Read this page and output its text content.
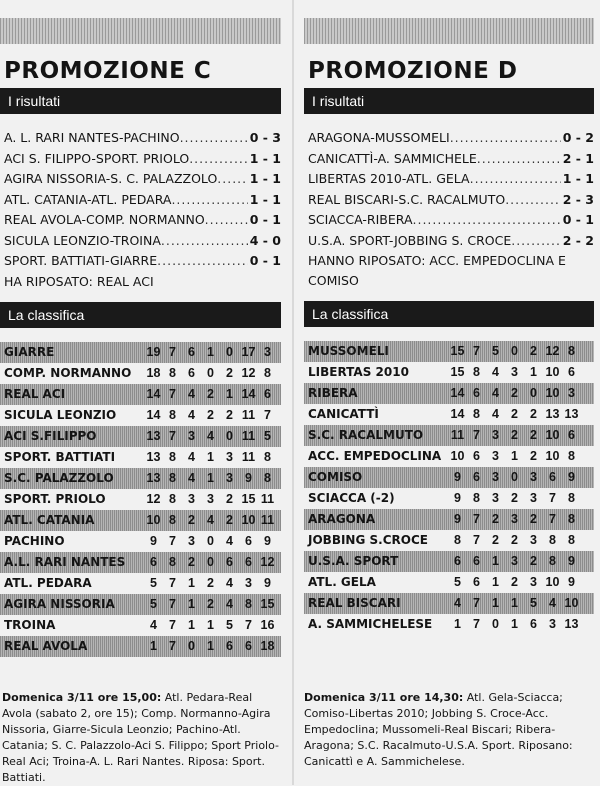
PROMOZIONE C
I risultati
A. L. RARI NANTES-PACHINO .....	0 - 3
ACI S. FILIPPO-SPORT. PRIOLO .....	1 - 1
AGIRA NISSORIA-S. C. PALAZZOLO .....	1 - 1
ATL. CATANIA-ATL. PEDARA .....	1 - 1
REAL AVOLA-COMP. NORMANNO .....	0 - 1
SICULA LEONZIO-TROINA .....	4 - 0
SPORT. BATTIATI-GIARRE .....	0 - 1
HA RIPOSATO: REAL ACI
La classifica
GIARRE	19 7 6 1 0 17 3
COMP. NORMANNO	18 8 6 0 2 12 8
REAL ACI	14 7 4 2 1 14 6
SICULA LEONZIO	14 8 4 2 2 11 7
ACI S.FILIPPO	13 7 3 4 0 11 5
SPORT. BATTIATI	13 8 4 1 3 11 8
S.C. PALAZZOLO	13 8 4 1 3 9 8
SPORT. PRIOLO	12 8 3 3 2 15 11
ATL. CATANIA	10 8 2 4 2 10 11
PACHINO	9 7 3 0 4 6 9
A.L. RARI NANTES	6 8 2 0 6 6 12
ATL. PEDARA	5 7 1 2 4 3 9
AGIRA NISSORIA	5 7 1 2 4 8 15
TROINA	4 7 1 1 5 7 16
REAL AVOLA	1 7 0 1 6 6 18
PROMOZIONE D
I risultati
ARAGONA-MUSSOMELI .....	0 - 2
CANICATTÌ-A. SAMMICHELE .....	2 - 1
LIBERTAS 2010-ATL. GELA .....	1 - 1
REAL BISCARI-S.C. RACALMUTO .....	2 - 3
SCIACCA-RIBERA .....	0 - 1
U.S.A. SPORT-JOBBING S. CROCE .....	2 - 2
HANNO RIPOSATO: ACC. EMPEDOCLINA E COMISO
La classifica
MUSSOMELI	15 7 5 0 2 12 8
LIBERTAS 2010	15 8 4 3 1 10 6
RIBERA	14 6 4 2 0 10 3
CANICATTÌ	14 8 4 2 2 13 13
S.C. RACALMUTO	11 7 3 2 2 10 6
ACC. EMPEDOCLINA 10 6 3 1 2 10 8
COMISO	9 6 3 0 3 6 9
SCIACCA (-2)	9 8 3 2 3 7 8
ARAGONA	9 7 2 3 2 7 8
JOBBING S.CROCE	8 7 2 2 3 8 8
U.S.A. SPORT	6 6 1 3 2 8 9
ATL. GELA	5 6 1 2 3 10 9
REAL BISCARI	4 7 1 1 5 4 10
A. SAMMICHELESE	1 7 0 1 6 3 13
Domenica 3/11 ore 15,00: Atl. Pedara-Real Avola (sabato 2, ore 15); Comp. Normanno-Agira Nissoria, Giarre-Sicula Leonzio; Pachino-Atl. Catania; S. C. Palazzolo-Aci S. Filippo; Sport Priolo-Real Aci; Troina-A. L. Rari Nantes. Riposa: Sport. Battiati.
Domenica 3/11 ore 14,30: Atl. Gela-Sciacca; Comiso-Libertas 2010; Jobbing S. Croce-Acc. Empedoclina; Mussomeli-Real Biscari; Ribera-Aragona; S.C. Racalmuto-U.S.A. Sport. Riposano: Canicattì e A. Sammichelese.
